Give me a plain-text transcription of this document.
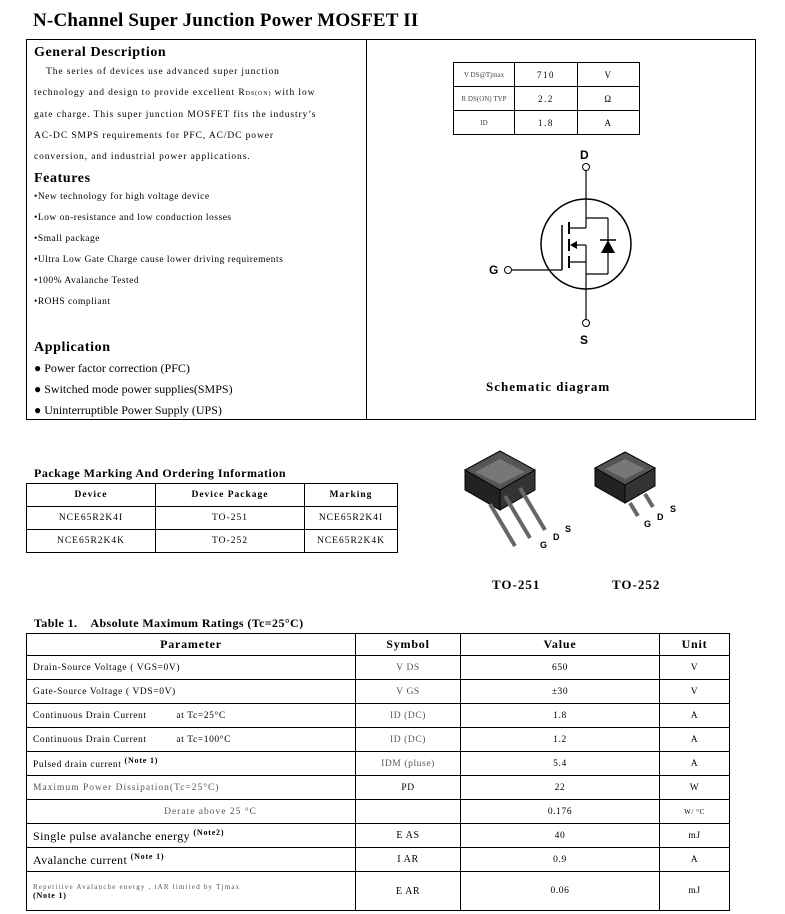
N-Channel Super Junction Power MOSFET II
General Description
The series of devices use advanced super junction
technology and design to provide excellent RDS(ON) with low
gate charge. This super junction MOSFET fits the industry’s
AC-DC SMPS requirements for PFC, AC/DC power
conversion, and industrial power applications.
Features
•New technology for high voltage device
•Low on-resistance and low conduction losses
•Small package
•Ultra Low Gate Charge cause lower driving requirements
•100% Avalanche Tested
•ROHS compliant
Application
● Power factor correction (PFC)
● Switched mode power supplies(SMPS)
● Uninterruptible Power Supply (UPS)
V DS@Tjmax	710	V
R DS(ON) TYP	2.2	Ω
ID	1.8	A
D
G
S
Schematic diagram
Package Marking And Ordering Information
Device	Device Package	Marking
NCE65R2K4I	TO-251	NCE65R2K4I
NCE65R2K4K	TO-252	NCE65R2K4K	G
D
S	G
D
S
TO-251	TO-252
Table 1.    Absolute Maximum Ratings (Tc=25°C)
Parameter	Symbol	Value	Unit
Drain-Source Voltage ( VGS=0V)	V DS	650	V
Gate-Source Voltage ( VDS=0V)	V GS	±30	V
Continuous Drain Current          at Tc=25°C	ID (DC)	1.8	A
Continuous Drain Current          at Tc=100°C	ID (DC)	1.2	A
Pulsed drain current $^{(Note 1)}$	IDM (pluse)	5.4	A
Maximum Power Dissipation(Tc=25°C)	PD	22	W
Derate above 25 °C		0.176	W/ °C
Single pulse avalanche energy $^{(Note2)}$	E AS	40	mJ
Avalanche current $^{(Note 1)}$	I AR	0.9	A

Repetitive Avalanche energy , tAR limited by Tjmax
(Note 1)	E AR	0.06	mJ
